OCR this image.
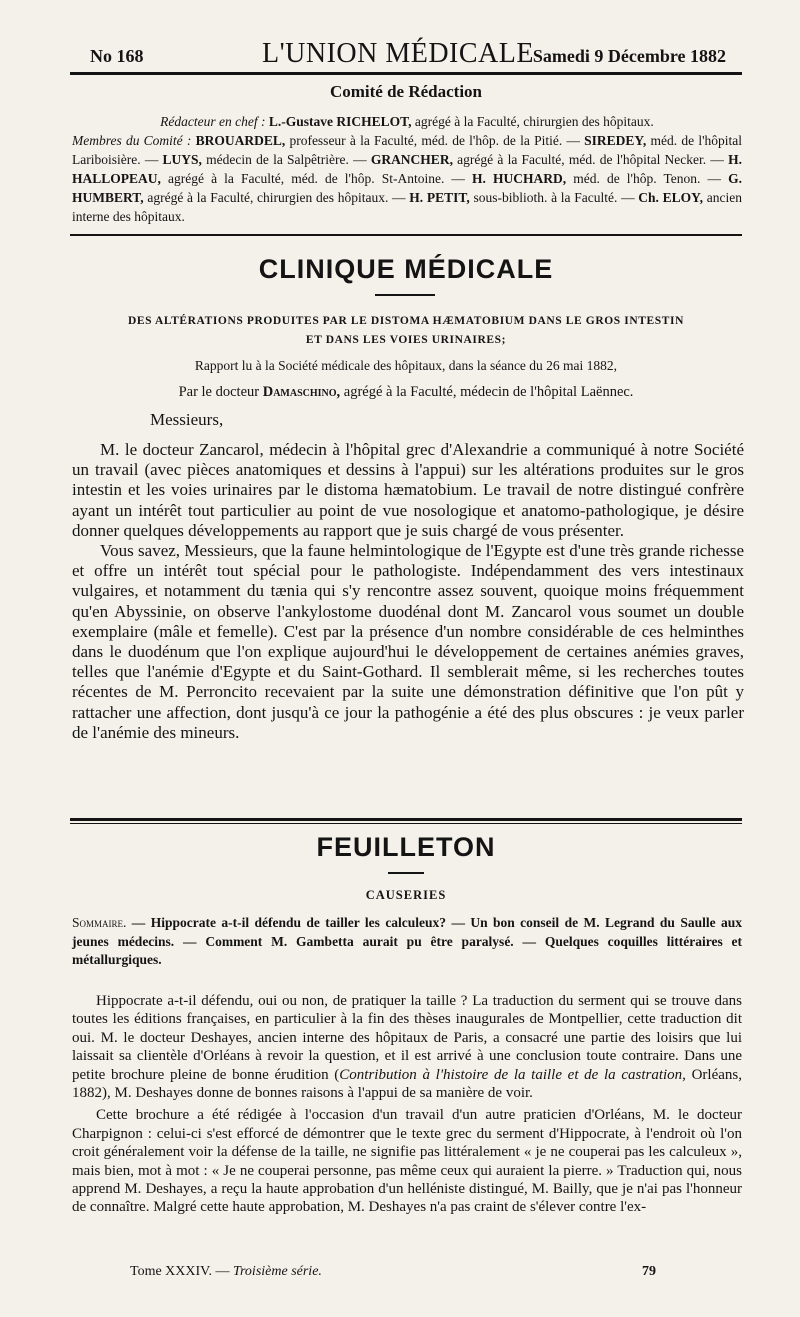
No 168	L'UNION MÉDICALE
Samedi 9 Décembre 1882
Comité de Rédaction

Rédacteur en chef : L.-Gustave RICHELOT, agrégé à la Faculté, chirurgien des hôpitaux.

Membres du Comité : BROUARDEL, professeur à la Faculté, méd. de l'hôp. de la Pitié. — SIREDEY, méd. de l'hôpital Lariboisière. — LUYS, médecin de la Salpêtrière. — GRANCHER, agrégé à la Faculté, méd. de l'hôpital Necker. — H. HALLOPEAU, agrégé à la Faculté, méd. de l'hôp. St-Antoine. — H. HUCHARD, méd. de l'hôp. Tenon. — G. HUMBERT, agrégé à la Faculté, chirurgien des hôpitaux. — H. PETIT, sous-biblioth. à la Faculté. — Ch. ELOY, ancien interne des hôpitaux.

CLINIQUE MÉDICALE
DES ALTÉRATIONS PRODUITES PAR LE DISTOMA HÆMATOBIUM DANS LE GROS INTESTIN
ET DANS LES VOIES URINAIRES;
Rapport lu à la Société médicale des hôpitaux, dans la séance du 26 mai 1882,
Par le docteur Damaschino, agrégé à la Faculté, médecin de l'hôpital Laënnec.
Messieurs,

M. le docteur Zancarol, médecin à l'hôpital grec d'Alexandrie a communiqué à notre Société un travail (avec pièces anatomiques et dessins à l'appui) sur les altérations produites sur le gros intestin et les voies urinaires par le distoma hæmatobium. Le travail de notre distingué confrère ayant un intérêt tout particulier au point de vue nosologique et anatomo-pathologique, je désire donner quelques développements au rapport que je suis chargé de vous présenter.

Vous savez, Messieurs, que la faune helmintologique de l'Egypte est d'une très grande richesse et offre un intérêt tout spécial pour le pathologiste. Indépendamment des vers intestinaux vulgaires, et notamment du tænia qui s'y rencontre assez souvent, quoique moins fréquemment qu'en Abyssinie, on observe l'ankylostome duodénal dont M. Zancarol vous soumet un double exemplaire (mâle et femelle). C'est par la présence d'un nombre considérable de ces helminthes dans le duodénum que l'on explique aujourd'hui le développement de certaines anémies graves, telles que l'anémie d'Egypte et du Saint-Gothard. Il semblerait même, si les recherches toutes récentes de M. Perroncito recevaient par la suite une démonstration définitive que l'on pût y rattacher une affection, dont jusqu'à ce jour la pathogénie a été des plus obscures : je veux parler de l'anémie des mineurs.

FEUILLETON
CAUSERIES
Sommaire. — Hippocrate a-t-il défendu de tailler les calculeux? — Un bon conseil de M. Legrand du Saulle aux jeunes médecins. — Comment M. Gambetta aurait pu être paralysé. — Quelques coquilles littéraires et métallurgiques.

Hippocrate a-t-il défendu, oui ou non, de pratiquer la taille ? La traduction du serment qui se trouve dans toutes les éditions françaises, en particulier à la fin des thèses inaugurales de Montpellier, cette traduction dit oui. M. le docteur Deshayes, ancien interne des hôpitaux de Paris, a consacré une partie des loisirs que lui laissait sa clientèle d'Orléans à revoir la question, et il est arrivé à une conclusion toute contraire. Dans une petite brochure pleine de bonne érudition (Contribution à l'histoire de la taille et de la castration, Orléans, 1882), M. Deshayes donne de bonnes raisons à l'appui de sa manière de voir.

Cette brochure a été rédigée à l'occasion d'un travail d'un autre praticien d'Orléans, M. le docteur Charpignon : celui-ci s'est efforcé de démontrer que le texte grec du serment d'Hippocrate, à l'endroit où l'on croit généralement voir la défense de la taille, ne signifie pas littéralement « je ne couperai pas les calculeux », mais bien, mot à mot : « Je ne couperai personne, pas même ceux qui auraient la pierre. » Traduction qui, nous apprend M. Deshayes, a reçu la haute approbation d'un helléniste distingué, M. Bailly, que je n'ai pas l'honneur de connaître. Malgré cette haute approbation, M. Deshayes n'a pas craint de s'élever contre l'ex-

Tome XXXIV. — Troisième série.	79
